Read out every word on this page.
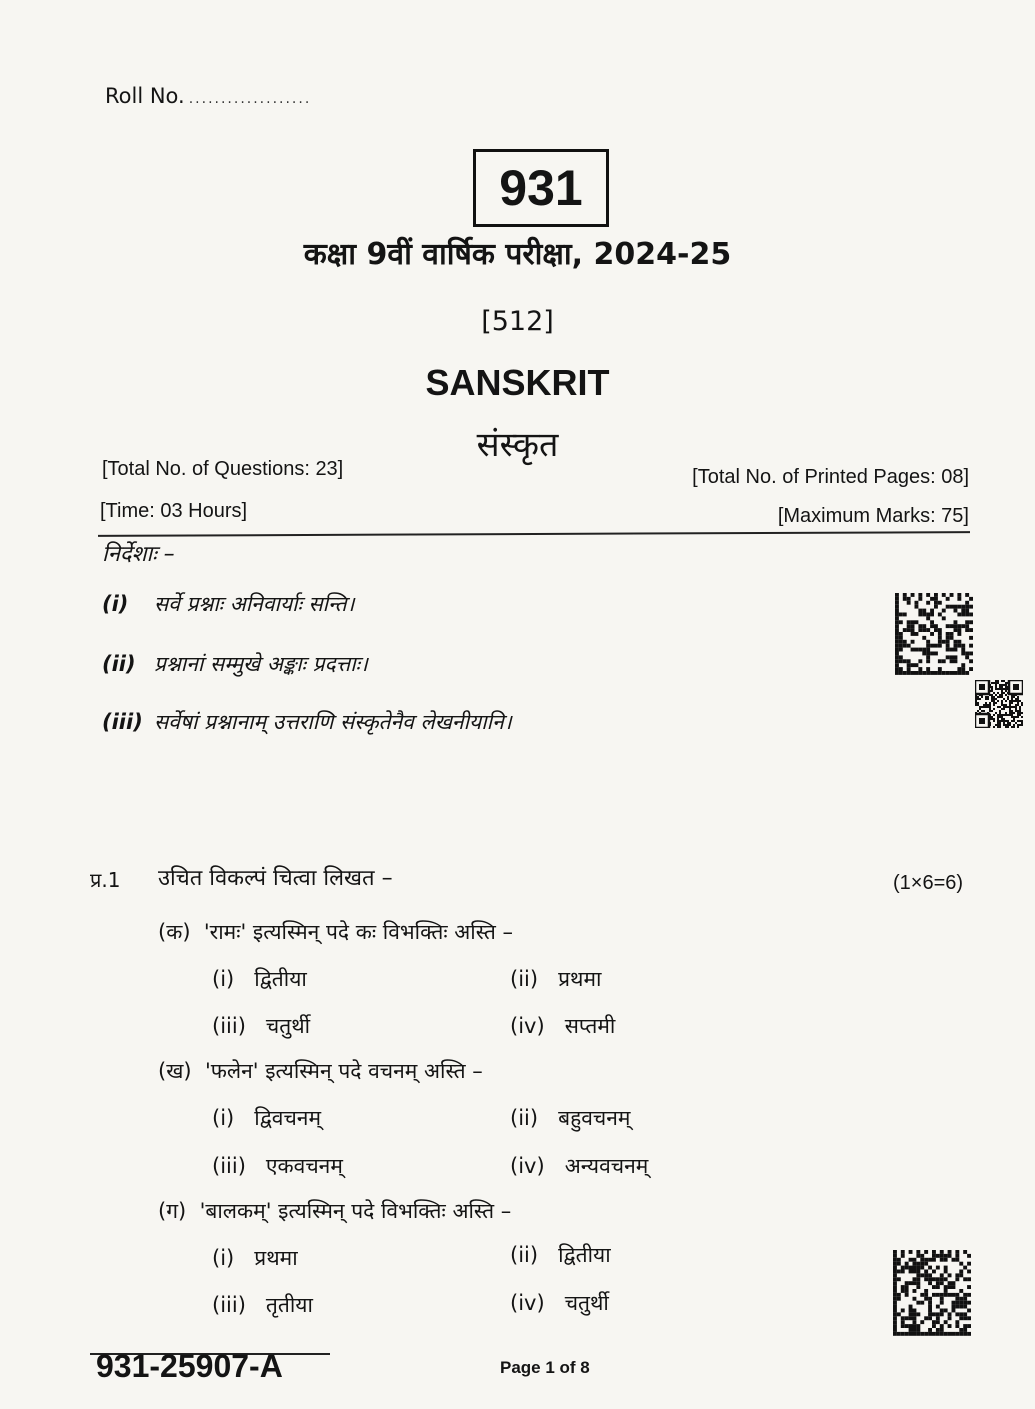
Roll No. ...................
931
कक्षा 9वीं वार्षिक परीक्षा, 2024-25
[512]
SANSKRIT
संस्कृत
[Total No. of Questions: 23]	[Total No. of Printed Pages: 08]
[Time: 03 Hours]	[Maximum Marks: 75]
निर्देशाः –
(i) सर्वे प्रश्नाः अनिवार्याः सन्ति।
(ii) प्रश्नानां सम्मुखे अङ्काः प्रदत्ताः।
(iii) सर्वेषां प्रश्नानाम् उत्तराणि संस्कृतेनैव लेखनीयानि।
प्र.1 उचित विकल्पं चित्वा लिखत –	(1×6=6)
(क) 'रामः' इत्यस्मिन् पदे कः विभक्तिः अस्ति –
(i) द्वितीया	(ii) प्रथमा
(iii) चतुर्थी	(iv) सप्तमी
(ख) 'फलेन' इत्यस्मिन् पदे वचनम् अस्ति –
(i) द्विवचनम्	(ii) बहुवचनम्
(iii) एकवचनम्	(iv) अन्यवचनम्
(ग) 'बालकम्' इत्यस्मिन् पदे विभक्तिः अस्ति –
(i) प्रथमा	(ii) द्वितीया
(iii) तृतीया	(iv) चतुर्थी
931-25907-A	Page 1 of 8
